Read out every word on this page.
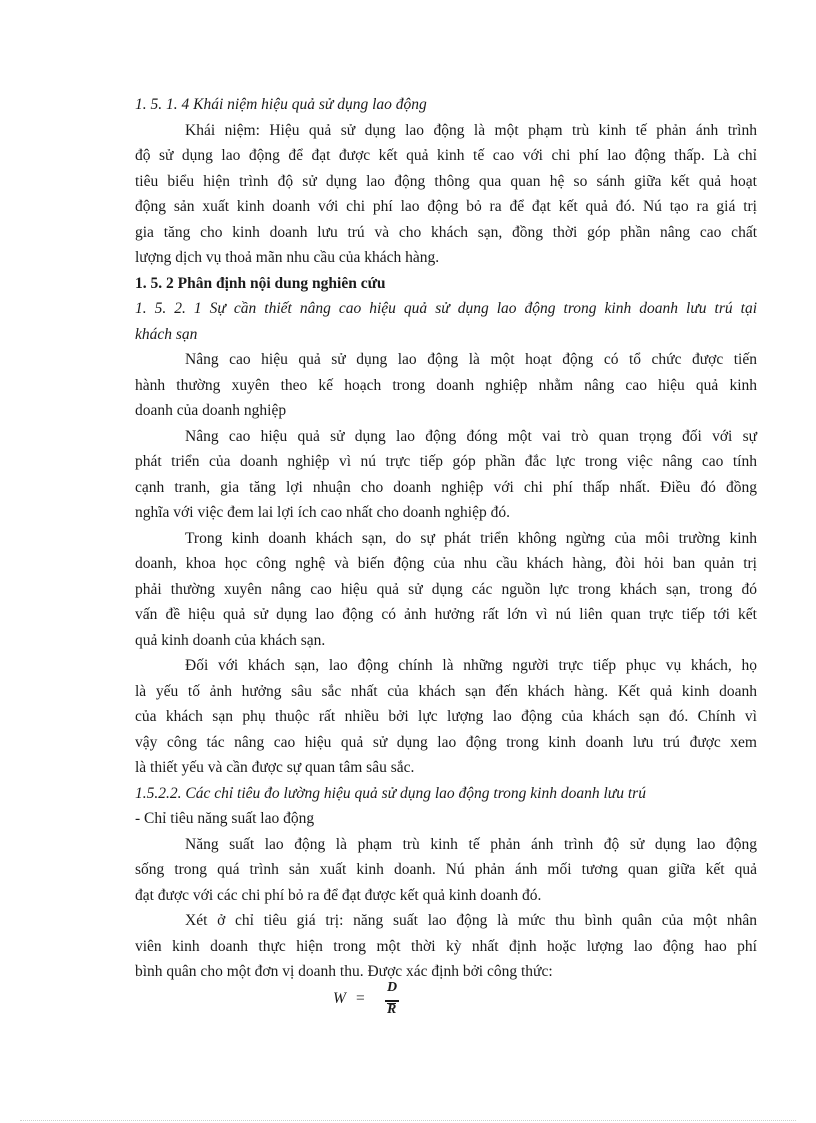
1. 5. 1. 4 Khái niệm hiệu quả sử dụng lao động
Khái niệm: Hiệu quả sử dụng lao động là một phạm trù kinh tế phản ánh trình
độ sử dụng lao động để đạt được kết quả kinh tế cao với chi phí lao động thấp. Là chỉ
tiêu biểu hiện trình độ sử dụng lao động thông qua quan hệ so sánh giữa kết quả hoạt
động sản xuất kinh doanh với chi phí lao động bỏ ra để đạt kết quả đó. Nú tạo ra giá trị
gia tăng cho kinh doanh lưu trú và cho khách sạn, đồng thời góp phần nâng cao chất
lượng dịch vụ thoả mãn nhu cầu của khách hàng.
1. 5. 2 Phân định nội dung nghiên cứu
1. 5. 2. 1 Sự cần thiết nâng cao hiệu quả sử dụng lao động trong kinh doanh lưu trú tại
khách sạn
Nâng cao hiệu quả sử dụng lao động là một hoạt động có tổ chức được tiến
hành thường xuyên theo kế hoạch trong doanh nghiệp nhằm nâng cao hiệu quả kinh
doanh của doanh nghiệp
Nâng cao hiệu quả sử dụng lao động đóng một vai trò quan trọng đối với sự
phát triển của doanh nghiệp vì nú trực tiếp góp phần đắc lực trong việc nâng cao tính
cạnh tranh, gia tăng lợi nhuận cho doanh nghiệp với chi phí thấp nhất. Điều đó đồng
nghĩa với việc đem lai lợi ích cao nhất cho doanh nghiệp đó.
Trong kinh doanh khách sạn, do sự phát triển không ngừng của môi trường kinh
doanh, khoa học công nghệ và biến động của nhu cầu khách hàng, đòi hỏi ban quản trị
phải thường xuyên nâng cao hiệu quả sử dụng các nguồn lực trong khách sạn, trong đó
vấn đề hiệu quả sử dụng lao động có ảnh hưởng rất lớn vì nú liên quan trực tiếp tới kết
quả kinh doanh của khách sạn.
Đối với khách sạn, lao động chính là những người trực tiếp phục vụ khách, họ
là yếu tố ảnh hưởng sâu sắc nhất của khách sạn đến khách hàng. Kết quả kinh doanh
của khách sạn phụ thuộc rất nhiều bởi lực lượng lao động của khách sạn đó. Chính vì
vậy công tác nâng cao hiệu quả sử dụng lao động trong kinh doanh lưu trú được xem
là thiết yếu và cần được sự quan tâm sâu sắc.
1.5.2.2. Các chỉ tiêu đo lường hiệu quả sử dụng lao động trong kinh doanh lưu trú
- Chỉ tiêu năng suất lao động
Năng suất lao động là phạm trù kinh tế phản ánh trình độ sử dụng lao động
sống trong quá trình sản xuất kinh doanh. Nú phản ánh mối tương quan giữa kết quả
đạt được với các chi phí bỏ ra để đạt được kết quả kinh doanh đó.
Xét ở chỉ tiêu giá trị: năng suất lao động là mức thu bình quân của một nhân
viên kinh doanh thực hiện trong một thời kỳ nhất định hoặc lượng lao động hao phí
bình quân cho một đơn vị doanh thu. Được xác định bởi công thức:
W =
D
R
